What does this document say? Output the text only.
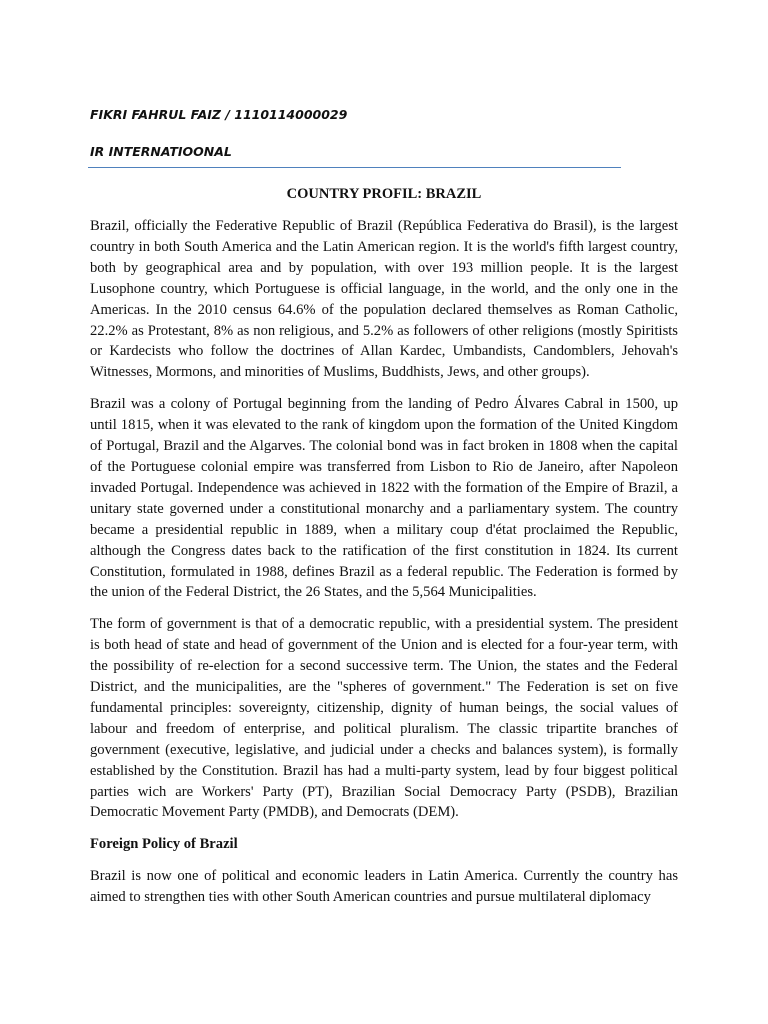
FIKRI FAHRUL FAIZ / 1110114000029
IR INTERNATIOONAL
COUNTRY PROFIL: BRAZIL

Brazil, officially the Federative Republic of Brazil (República Federativa do Brasil), is the largest country in both South America and the Latin American region. It is the world's fifth largest country, both by geographical area and by population, with over 193 million people. It is the largest Lusophone country, which Portuguese is official language, in the world, and the only one in the Americas. In the 2010 census 64.6% of the population declared themselves as Roman Catholic, 22.2% as Protestant, 8% as non religious, and 5.2% as followers of other religions (mostly Spiritists or Kardecists who follow the doctrines of Allan Kardec, Umbandists, Candomblers, Jehovah's Witnesses, Mormons, and minorities of Muslims, Buddhists, Jews, and other groups).

Brazil was a colony of Portugal beginning from the landing of Pedro Álvares Cabral in 1500, up until 1815, when it was elevated to the rank of kingdom upon the formation of the United Kingdom of Portugal, Brazil and the Algarves. The colonial bond was in fact broken in 1808 when the capital of the Portuguese colonial empire was transferred from Lisbon to Rio de Janeiro, after Napoleon invaded Portugal. Independence was achieved in 1822 with the formation of the Empire of Brazil, a unitary state governed under a constitutional monarchy and a parliamentary system. The country became a presidential republic in 1889, when a military coup d'état proclaimed the Republic, although the Congress dates back to the ratification of the first constitution in 1824. Its current Constitution, formulated in 1988, defines Brazil as a federal republic. The Federation is formed by the union of the Federal District, the 26 States, and the 5,564 Municipalities.

The form of government is that of a democratic republic, with a presidential system. The president is both head of state and head of government of the Union and is elected for a four-year term, with the possibility of re-election for a second successive term. The Union, the states and the Federal District, and the municipalities, are the "spheres of government." The Federation is set on five fundamental principles: sovereignty, citizenship, dignity of human beings, the social values of labour and freedom of enterprise, and political pluralism. The classic tripartite branches of government (executive, legislative, and judicial under a checks and balances system), is formally established by the Constitution. Brazil has had a multi-party system, lead by four biggest political parties wich are Workers' Party (PT), Brazilian Social Democracy Party (PSDB), Brazilian Democratic Movement Party (PMDB), and Democrats (DEM).

Foreign Policy of Brazil

Brazil is now one of political and economic leaders in Latin America. Currently the country has aimed to strengthen ties with other South American countries and pursue multilateral diplomacy
